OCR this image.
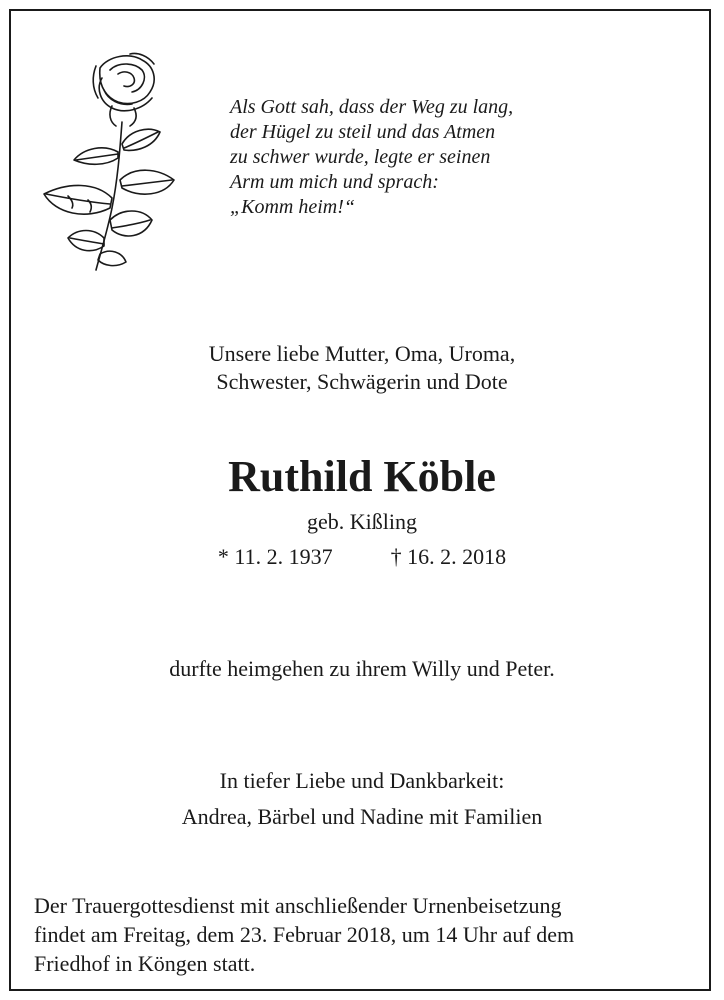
Als Gott sah, dass der Weg zu lang,
der Hügel zu steil und das Atmen
zu schwer wurde, legte er seinen
Arm um mich und sprach:
„Komm heim!“
Unsere liebe Mutter, Oma, Uroma,
Schwester, Schwägerin und Dote
Ruthild Köble
geb. Kißling
* 11. 2. 1937	† 16. 2. 2018
durfte heimgehen zu ihrem Willy und Peter.
In tiefer Liebe und Dankbarkeit:
Andrea, Bärbel und Nadine mit Familien
Der Trauergottesdienst mit anschließender Urnenbeisetzung
findet am Freitag, dem 23. Februar 2018, um 14 Uhr auf dem
Friedhof in Köngen statt.
